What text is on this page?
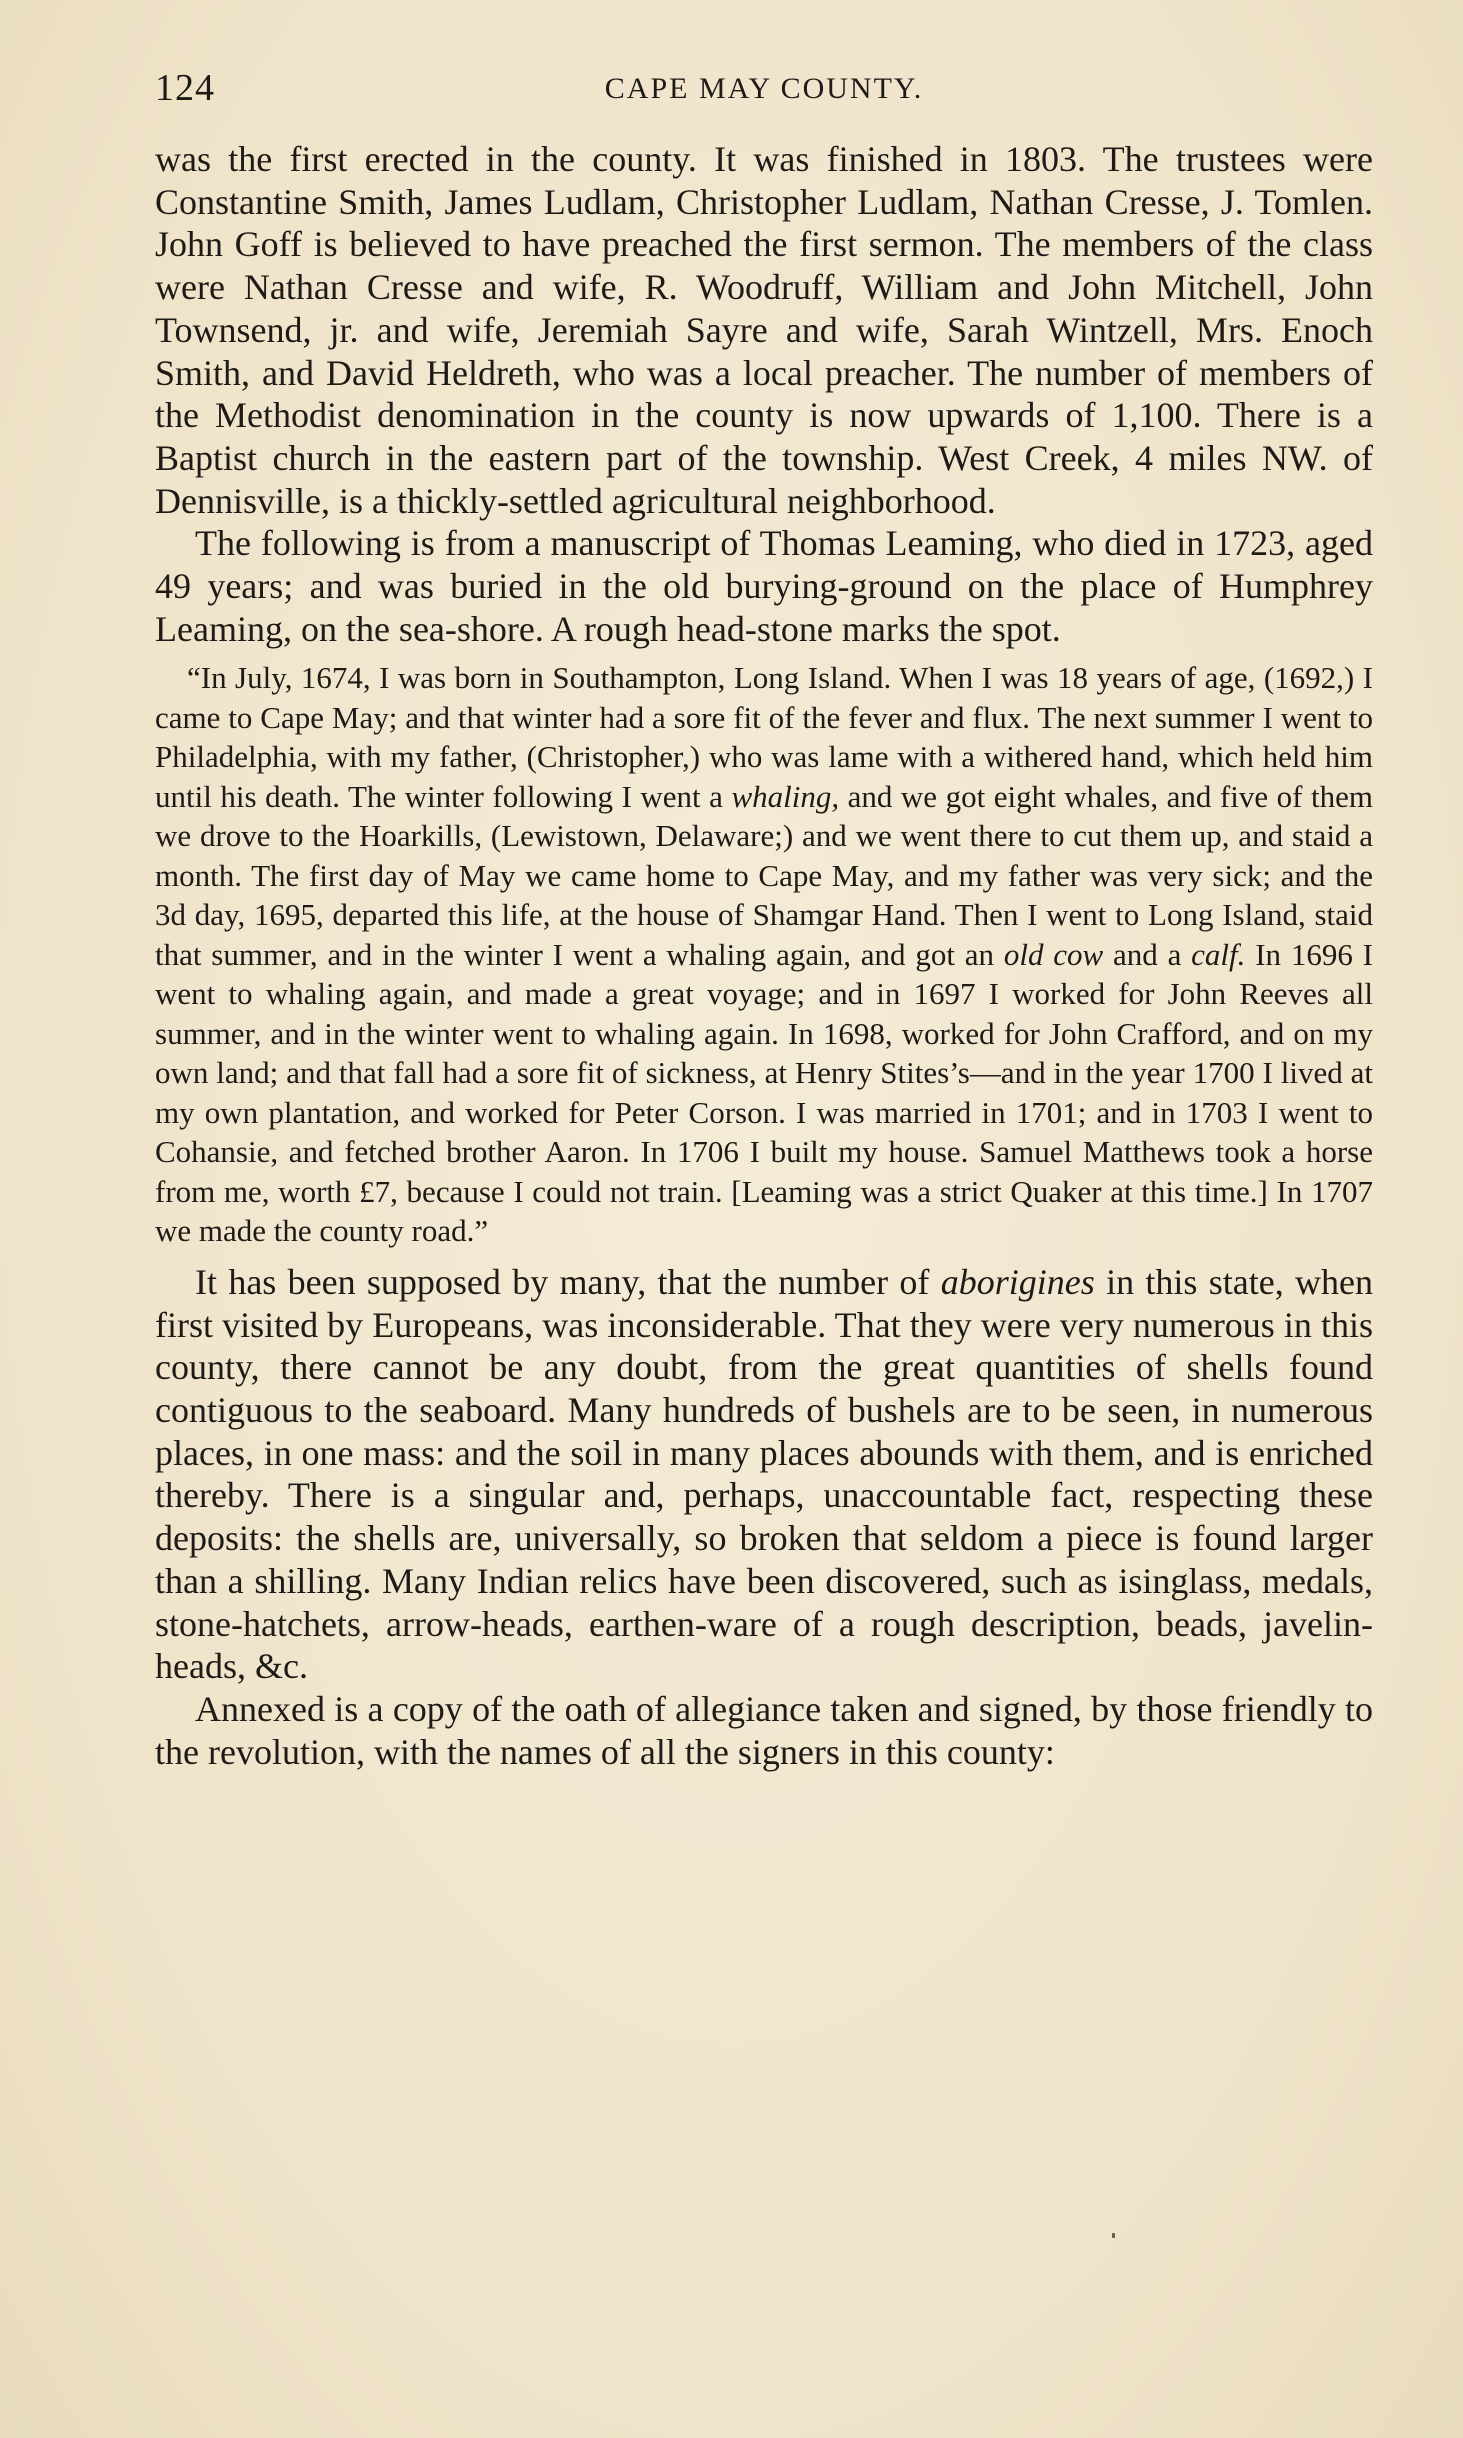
124	CAPE MAY COUNTY.

was the first erected in the county. It was finished in 1803. The trustees were Constantine Smith, James Ludlam, Christopher Ludlam, Nathan Cresse, J. Tomlen. John Goff is believed to have preached the first sermon. The members of the class were Nathan Cresse and wife, R. Woodruff, William and John Mitchell, John Townsend, jr. and wife, Jeremiah Sayre and wife, Sarah Wintzell, Mrs. Enoch Smith, and David Heldreth, who was a local preacher. The number of members of the Methodist denomination in the county is now upwards of 1,100. There is a Baptist church in the eastern part of the township. West Creek, 4 miles NW. of Dennisville, is a thickly-settled agricultural neighborhood.

The following is from a manuscript of Thomas Leaming, who died in 1723, aged 49 years; and was buried in the old burying-ground on the place of Humphrey Leaming, on the sea-shore. A rough head-stone marks the spot.

“In July, 1674, I was born in Southampton, Long Island. When I was 18 years of age, (1692,) I came to Cape May; and that winter had a sore fit of the fever and flux. The next summer I went to Philadelphia, with my father, (Christopher,) who was lame with a withered hand, which held him until his death. The winter following I went a whaling, and we got eight whales, and five of them we drove to the Hoarkills, (Lewistown, Delaware;) and we went there to cut them up, and staid a month. The first day of May we came home to Cape May, and my father was very sick; and the 3d day, 1695, departed this life, at the house of Shamgar Hand. Then I went to Long Island, staid that summer, and in the winter I went a whaling again, and got an old cow and a calf. In 1696 I went to whaling again, and made a great voyage; and in 1697 I worked for John Reeves all summer, and in the winter went to whaling again. In 1698, worked for John Crafford, and on my own land; and that fall had a sore fit of sickness, at Henry Stites’s—and in the year 1700 I lived at my own plantation, and worked for Peter Corson. I was married in 1701; and in 1703 I went to Cohansie, and fetched brother Aaron. In 1706 I built my house. Samuel Matthews took a horse from me, worth £7, because I could not train. [Leaming was a strict Quaker at this time.] In 1707 we made the county road.”

It has been supposed by many, that the number of aborigines in this state, when first visited by Europeans, was inconsiderable. That they were very numerous in this county, there cannot be any doubt, from the great quantities of shells found contiguous to the seaboard. Many hundreds of bushels are to be seen, in numerous places, in one mass: and the soil in many places abounds with them, and is enriched thereby. There is a singular and, perhaps, unaccountable fact, respecting these deposits: the shells are, universally, so broken that seldom a piece is found larger than a shilling. Many Indian relics have been discovered, such as isinglass, medals, stone-hatchets, arrow-heads, earthen-ware of a rough description, beads, javelin-heads, &c.

Annexed is a copy of the oath of allegiance taken and signed, by those friendly to the revolution, with the names of all the signers in this county:
